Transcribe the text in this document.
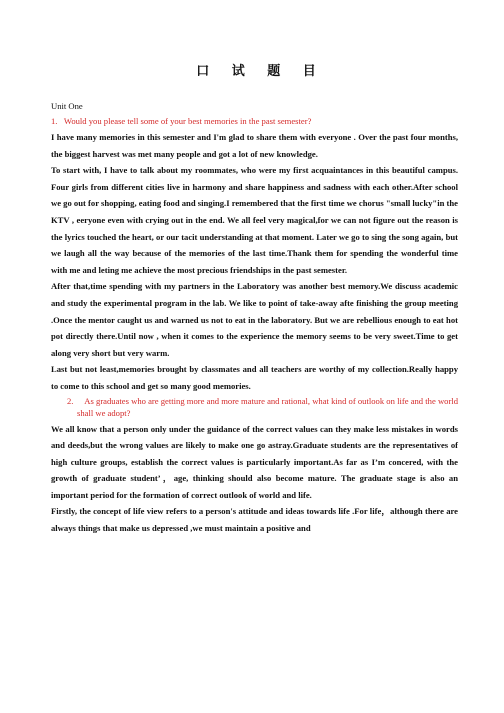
口 试 题 目

Unit One

1.   Would you please tell some of your best memories in the past semester?

I have many memories in this semester and I'm glad to share them with everyone . Over the past four months, the biggest harvest was met many people and got a lot of new knowledge.

To start with, I have to talk about my roommates, who were my first acquaintances in this beautiful campus. Four girls from different cities live in harmony and share happiness and sadness with each other.After school we go out for shopping, eating food and singing.I remembered that the first time we chorus "small lucky"in the KTV , eeryone even with crying out in the end. We all feel very magical,for we can not figure out the reason is the lyrics touched the heart, or our tacit understanding at that moment. Later we go to sing the song again, but we laugh all the way because of the memories of the last time.Thank them for spending the wonderful time with me and leting me achieve the most precious friendships in the past semester.

After that,time spending with my partners in the Laboratory was another best memory.We discuss academic and study the experimental program in the lab. We like to point of take-away afte finishing the group meeting .Once the mentor caught us and warned us not to eat in the laboratory. But we are rebellious enough to eat hot pot directly there.Until now , when it comes to the experience the memory seems to be very sweet.Time to get along very short but very warm.

Last but not least,memories brought by classmates and all teachers are worthy of my collection.Really happy to come to this school and get so many good memories.

2.     As graduates who are getting more and more mature and rational, what kind of outlook on life and the world shall we adopt?

We all know that a person only under the guidance of the correct values can they make less mistakes in words and deeds,but the wrong values are likely to make one go astray.Graduate students are the representatives of high culture groups, establish the correct values is particularly important.As far as I’m concered, with the growth of graduate student’，age, thinking should also become mature. The graduate stage is also an important period for the formation of correct outlook of world and life.

Firstly, the concept of life view refers to a person's attitude and ideas towards life .For life，although there are always things that make us depressed ,we must maintain a positive and
